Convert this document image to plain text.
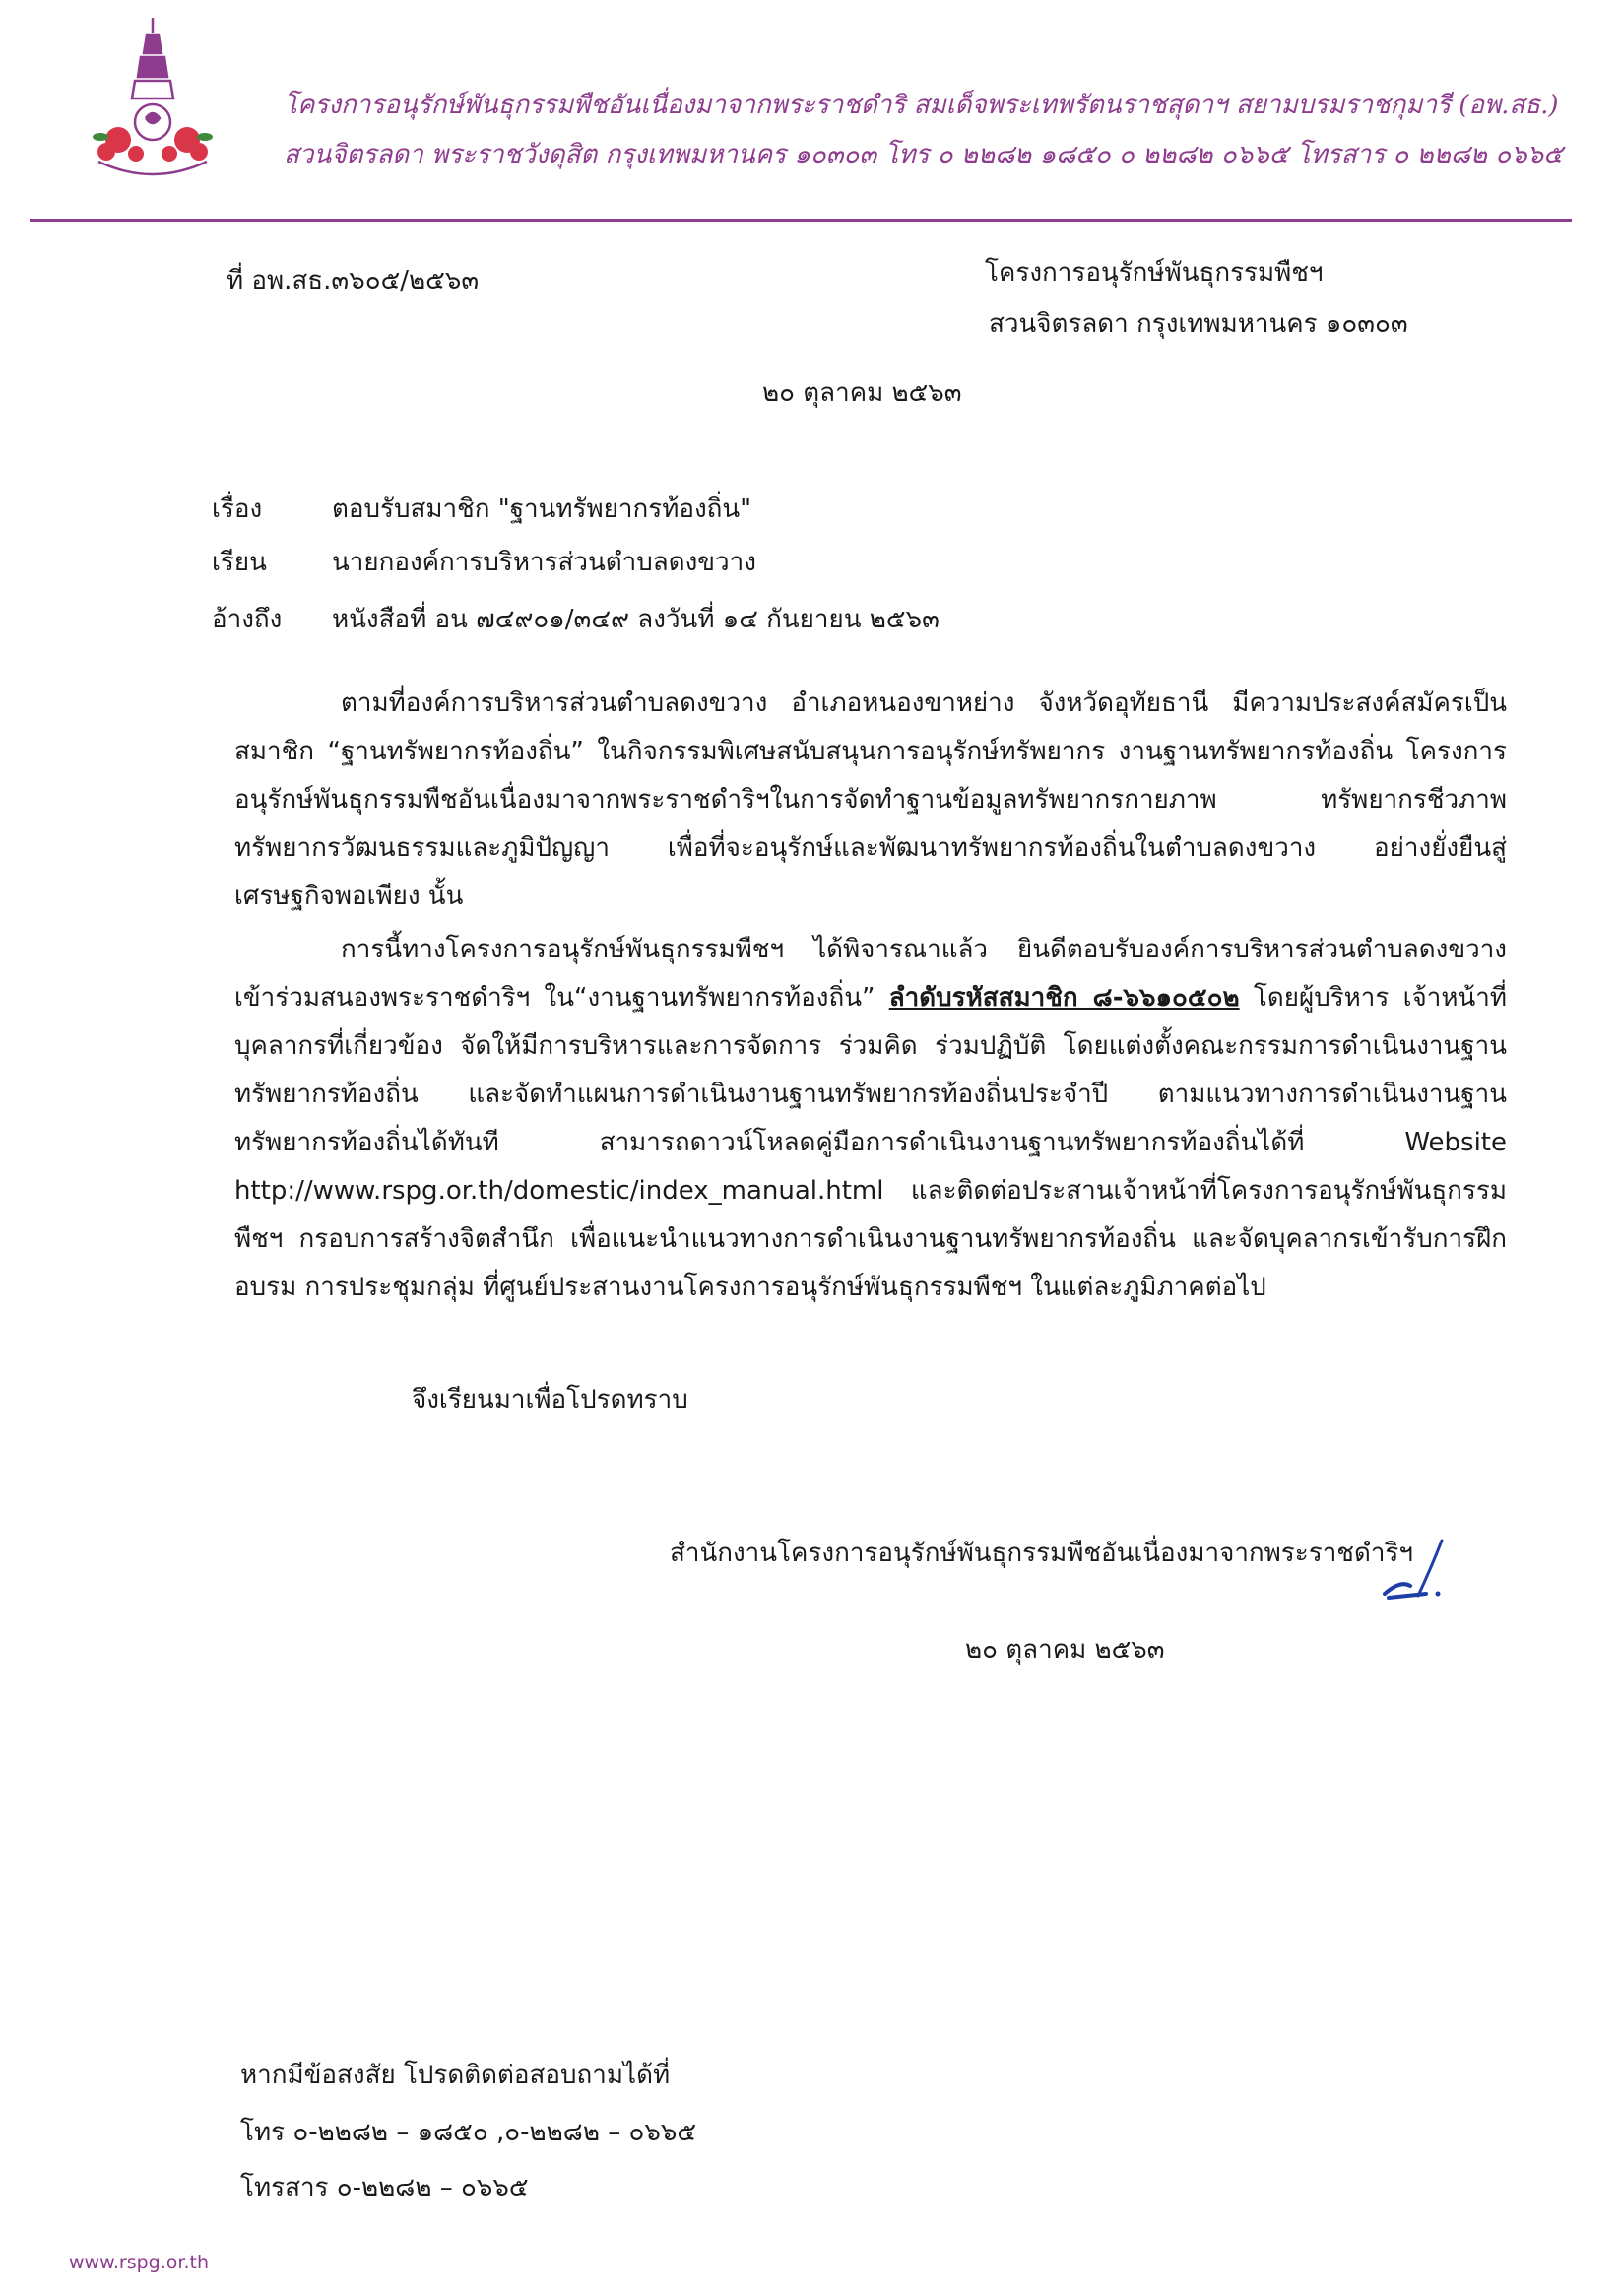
โครงการอนุรักษ์พันธุกรรมพืชอันเนื่องมาจากพระราชดำริ สมเด็จพระเทพรัตนราชสุดาฯ สยามบรมราชกุมารี (อพ.สธ.)
สวนจิตรลดา พระราชวังดุสิต กรุงเทพมหานคร ๑๐๓๐๓ โทร ๐ ๒๒๘๒ ๑๘๕๐ ๐ ๒๒๘๒ ๐๖๖๕ โทรสาร ๐ ๒๒๘๒ ๐๖๖๕
ที่ อพ.สธ.๓๖๐๕/๒๕๖๓	โครงการอนุรักษ์พันธุกรรมพืชฯ
สวนจิตรลดา กรุงเทพมหานคร ๑๐๓๐๓
๒๐ ตุลาคม ๒๕๖๓
เรื่อง	ตอบรับสมาชิก "ฐานทรัพยากรท้องถิ่น"
เรียน	นายกองค์การบริหารส่วนตำบลดงขวาง
อ้างถึง หนังสือที่ อน ๗๔๙๐๑/๓๔๙ ลงวันที่ ๑๔ กันยายน ๒๕๖๓
ตามที่องค์การบริหารส่วนตำบลดงขวาง อำเภอหนองขาหย่าง จังหวัดอุทัยธานี มีความประสงค์สมัครเป็นสมาชิก “ฐานทรัพยากรท้องถิ่น” ในกิจกรรมพิเศษสนับสนุนการอนุรักษ์ทรัพยากร งานฐานทรัพยากรท้องถิ่น โครงการอนุรักษ์พันธุกรรมพืชอันเนื่องมาจากพระราชดำริฯในการจัดทำฐานข้อมูลทรัพยากรกายภาพ ทรัพยากรชีวภาพ ทรัพยากรวัฒนธรรมและภูมิปัญญา เพื่อที่จะอนุรักษ์และพัฒนาทรัพยากรท้องถิ่นในตำบลดงขวาง อย่างยั่งยืนสู่เศรษฐกิจพอเพียง นั้น
การนี้ทางโครงการอนุรักษ์พันธุกรรมพืชฯ ได้พิจารณาแล้ว ยินดีตอบรับองค์การบริหารส่วนตำบลดงขวาง เข้าร่วมสนองพระราชดำริฯ ใน“งานฐานทรัพยากรท้องถิ่น” ลำดับรหัสสมาชิก ๘-๖๖๑๐๕๐๒ โดยผู้บริหาร เจ้าหน้าที่ บุคลากรที่เกี่ยวข้อง จัดให้มีการบริหารและการจัดการ ร่วมคิด ร่วมปฏิบัติ โดยแต่งตั้งคณะกรรมการดำเนินงานฐานทรัพยากรท้องถิ่น และจัดทำแผนการดำเนินงานฐานทรัพยากรท้องถิ่นประจำปี ตามแนวทางการดำเนินงานฐานทรัพยากรท้องถิ่นได้ทันที สามารถดาวน์โหลดคู่มือการดำเนินงานฐานทรัพยากรท้องถิ่นได้ที่ Website http://www.rspg.or.th/domestic/index_manual.html และติดต่อประสานเจ้าหน้าที่โครงการอนุรักษ์พันธุกรรมพืชฯ กรอบการสร้างจิตสำนึก เพื่อแนะนำแนวทางการดำเนินงานฐานทรัพยากรท้องถิ่น และจัดบุคลากรเข้ารับการฝึกอบรม การประชุมกลุ่ม ที่ศูนย์ประสานงานโครงการอนุรักษ์พันธุกรรมพืชฯ ในแต่ละภูมิภาคต่อไป
จึงเรียนมาเพื่อโปรดทราบ
สำนักงานโครงการอนุรักษ์พันธุกรรมพืชอันเนื่องมาจากพระราชดำริฯ
๒๐ ตุลาคม ๒๕๖๓
หากมีข้อสงสัย โปรดติดต่อสอบถามได้ที่
โทร ๐-๒๒๘๒ – ๑๘๕๐ ,๐-๒๒๘๒ – ๐๖๖๕
โทรสาร ๐-๒๒๘๒ – ๐๖๖๕
www.rspg.or.th
